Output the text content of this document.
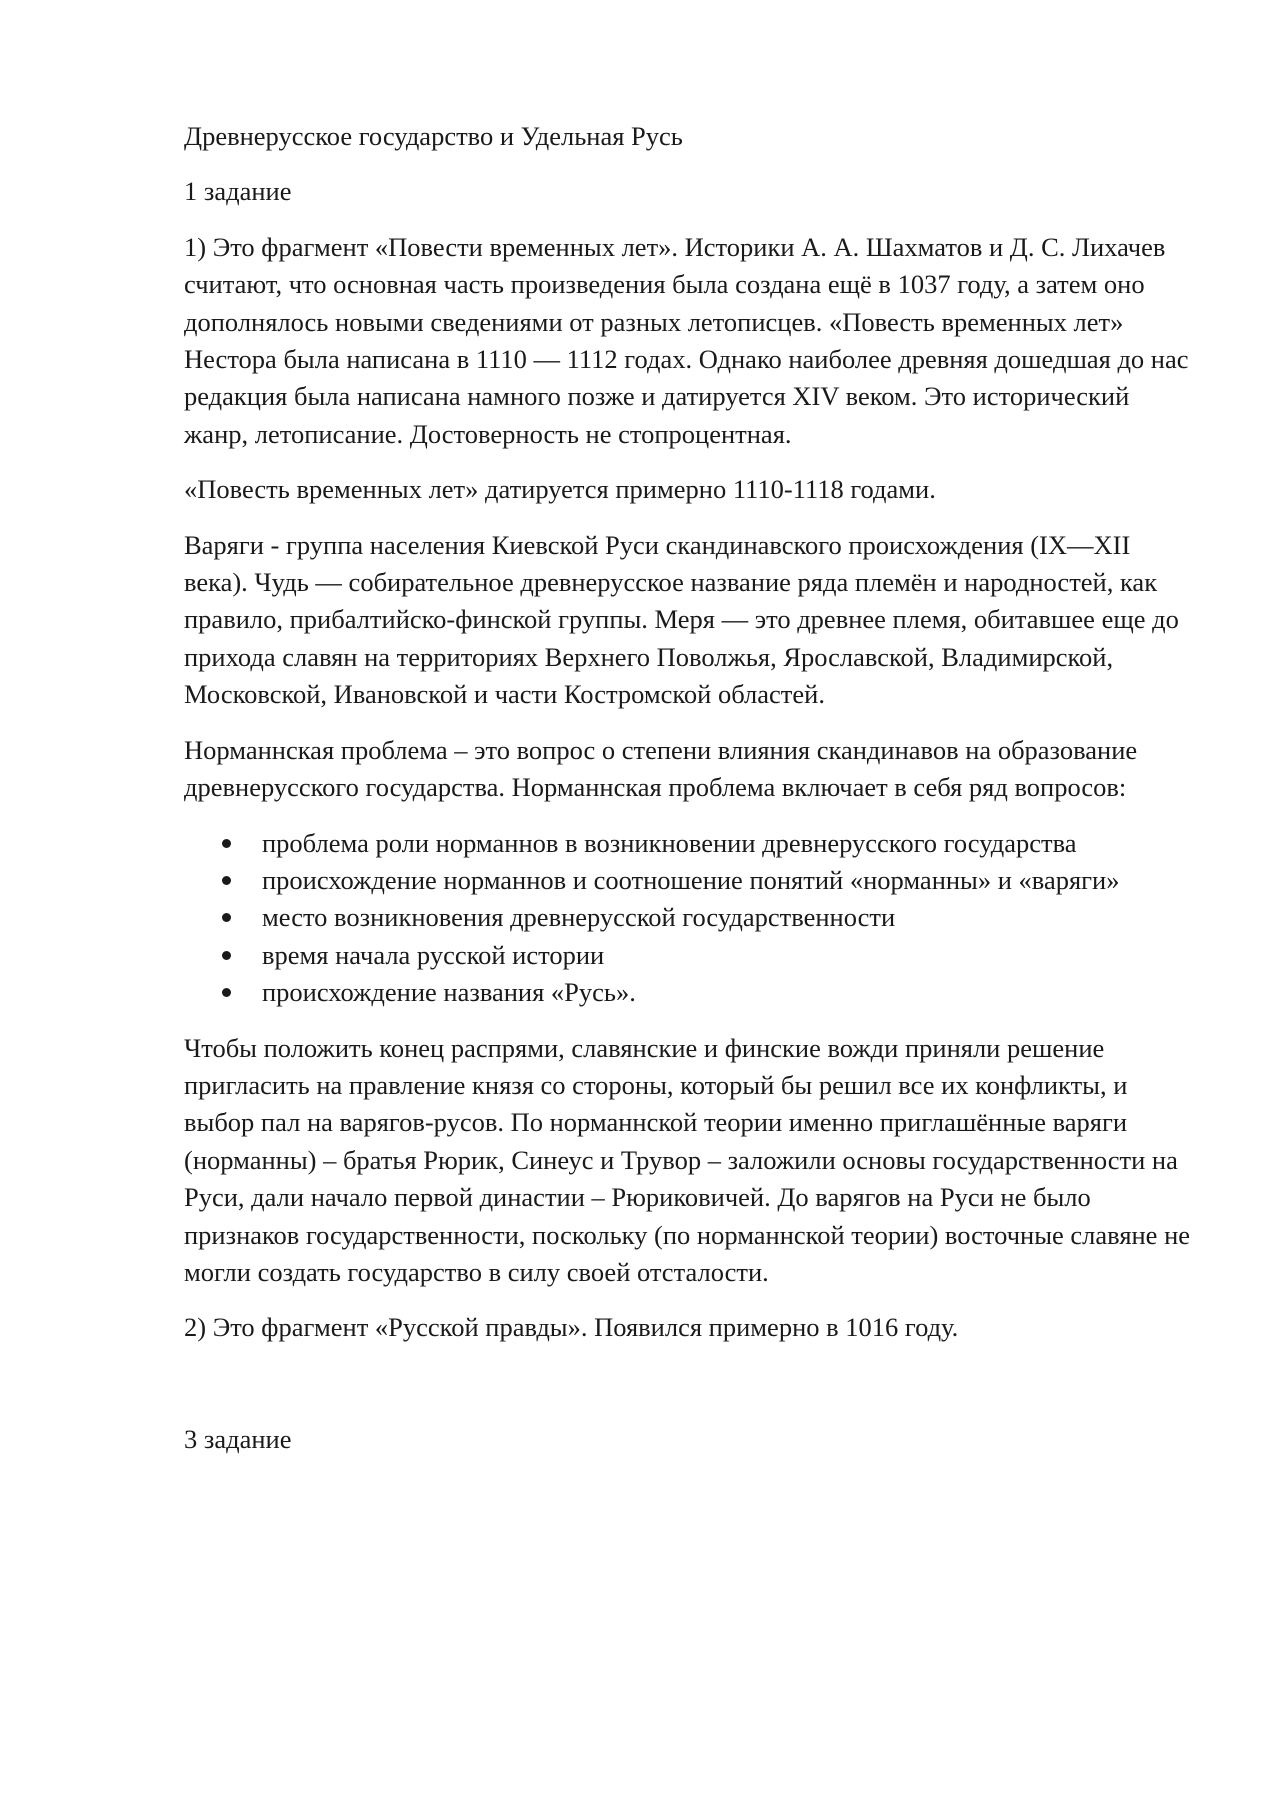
Древнерусское государство и Удельная Русь

1 задание

1) Это фрагмент «Повести временных лет». Историки А. А. Шахматов и Д. С. Лихачев считают, что основная часть произведения была создана ещё в 1037 году, а затем оно дополнялось новыми сведениями от разных летописцев. «Повесть временных лет» Нестора была написана в 1110 — 1112 годах. Однако наиболее древняя дошедшая до нас редакция была написана намного позже и датируется XIV веком. Это исторический жанр, летописание. Достоверность не стопроцентная.

«Повесть временных лет» датируется примерно 1110-1118 годами.

Варяги - группа населения Киевской Руси скандинавского происхождения (IX—XII века). Чудь — собирательное древнерусское название ряда племён и народностей, как правило, прибалтийско-финской группы. Меря — это древнее племя, обитавшее еще до прихода славян на территориях Верхнего Поволжья, Ярославской, Владимирской, Московской, Ивановской и части Костромской областей.

Норманнская проблема – это вопрос о степени влияния скандинавов на образование древнерусского государства. Норманнская проблема включает в себя ряд вопросов:

проблема роли норманнов в возникновении древнерусского государства
происхождение норманнов и соотношение понятий «норманны» и «варяги»
место возникновения древнерусской государственности
время начала русской истории
происхождение названия «Русь».

Чтобы положить конец распрями, славянские и финские вожди приняли решение пригласить на правление князя со стороны, который бы решил все их конфликты, и выбор пал на варягов-русов. По норманнской теории именно приглашённые варяги (норманны) – братья Рюрик, Синеус и Трувор – заложили основы государственности на Руси, дали начало первой династии – Рюриковичей. До варягов на Руси не было признаков государственности, поскольку (по норманнской теории) восточные славяне не могли создать государство в силу своей отсталости.

2) Это фрагмент «Русской правды». Появился примерно в 1016 году.

3 задание
